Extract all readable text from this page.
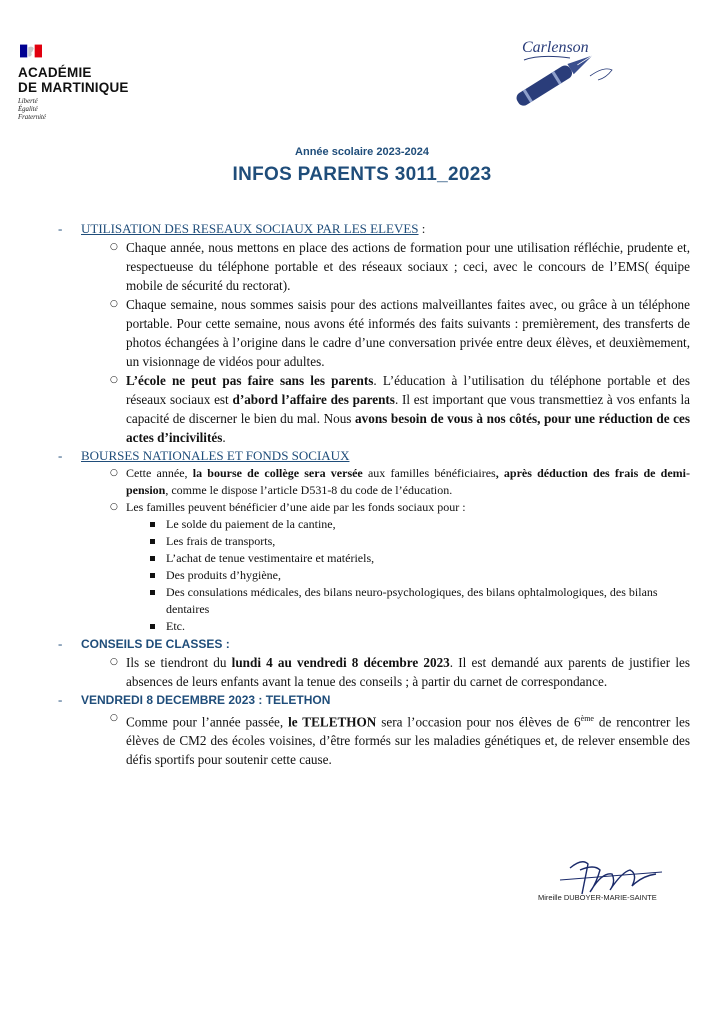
ACADÉMIE
DE MARTINIQUE
Liberté
Égalité
Fraternité
Carlenson
Année scolaire 2023-2024
INFOS PARENTS 3011_2023

- UTILISATION DES RESEAUX SOCIAUX PAR LES ELEVES :

○ Chaque année, nous mettons en place des actions de formation pour une utilisation réfléchie, prudente et, respectueuse du téléphone portable et des réseaux sociaux ; ceci, avec le concours de l’EMS( équipe mobile de sécurité du rectorat).

○ Chaque semaine, nous sommes saisis pour des actions malveillantes faites avec, ou grâce à un téléphone portable. Pour cette semaine, nous avons été informés des faits suivants : premièrement, des transferts de photos échangées à l’origine dans le cadre d’une conversation privée entre deux élèves, et deuxièmement, un visionnage de vidéos pour adultes.

○ L’école ne peut pas faire sans les parents. L’éducation à l’utilisation du téléphone portable et des réseaux sociaux est d’abord l’affaire des parents. Il est important que vous transmettiez à vos enfants la capacité de discerner le bien du mal. Nous avons besoin de vous à nos côtés, pour une réduction de ces actes d’incivilités.

- BOURSES NATIONALES ET FONDS SOCIAUX

○ Cette année, la bourse de collège sera versée aux familles bénéficiaires, après déduction des frais de demi-pension, comme le dispose l’article D531-8 du code de l’éducation.

○ Les familles peuvent bénéficier d’une aide par les fonds sociaux pour :

Le solde du paiement de la cantine,

Les frais de transports,

L’achat de tenue vestimentaire et matériels,

Des produits d’hygiène,

Des consulations médicales, des bilans neuro-psychologiques, des bilans ophtalmologiques, des bilans dentaires

Etc.

- CONSEILS DE CLASSES :

○ Ils se tiendront du lundi 4 au vendredi 8 décembre 2023. Il est demandé aux parents de justifier les absences de leurs enfants avant la tenue des conseils ; à partir du carnet de correspondance.

- VENDREDI 8 DECEMBRE 2023 : TELETHON

○ Comme pour l’année passée, le TELETHON sera l’occasion pour nos élèves de 6ème de rencontrer les élèves de CM2 des écoles voisines, d’être formés sur les maladies génétiques et, de relever ensemble des défis sportifs pour soutenir cette cause.

Mireille DUBOYER-MARIE-SAINTE
